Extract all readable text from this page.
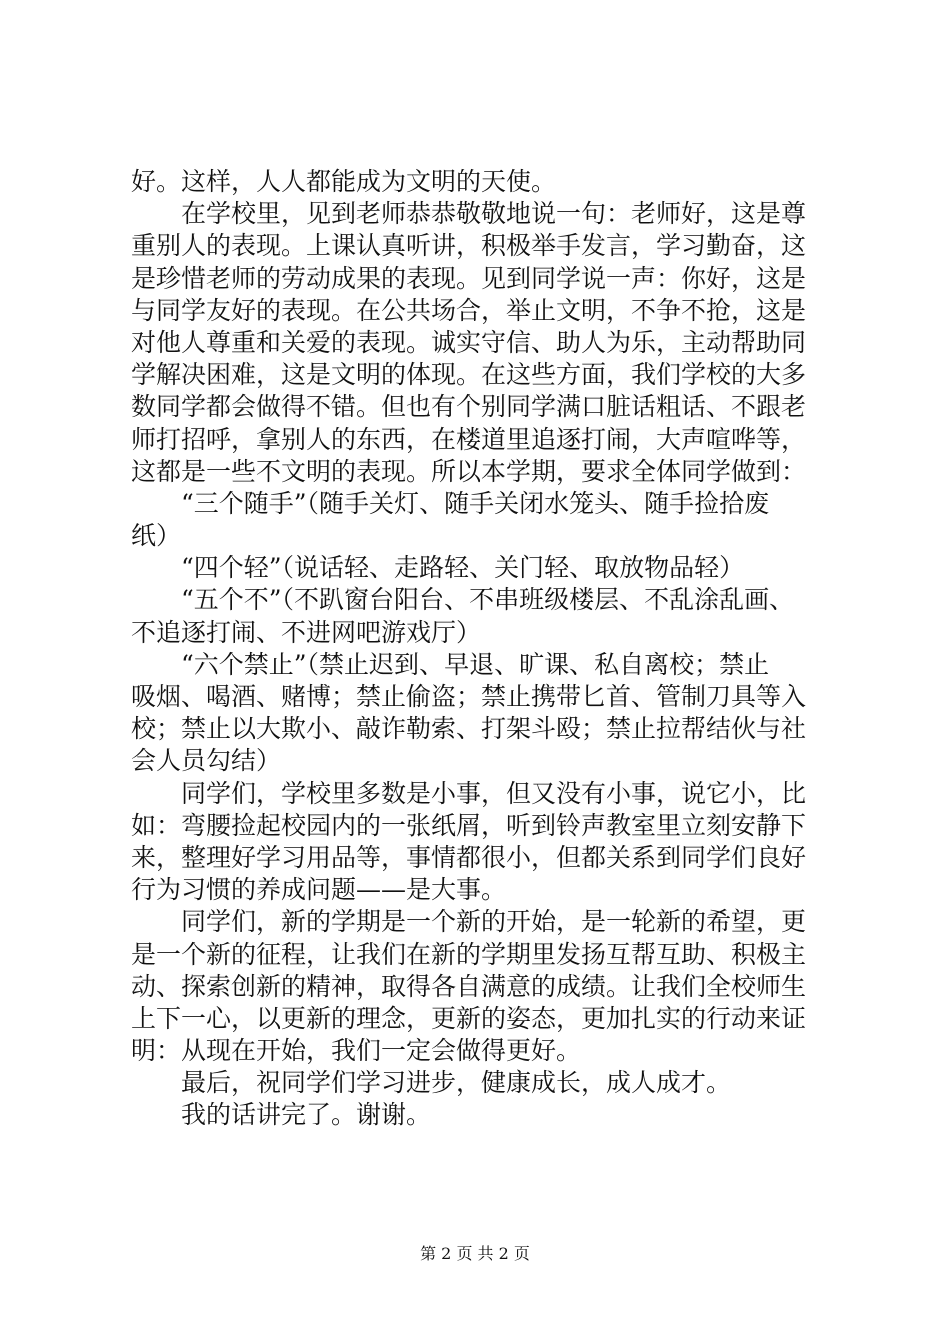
好。这样，人人都能成为文明的天使。
　　在学校里，见到老师恭恭敬敬地说一句：老师好，这是尊
重别人的表现。上课认真听讲，积极举手发言，学习勤奋，这
是珍惜老师的劳动成果的表现。见到同学说一声：你好，这是
与同学友好的表现。在公共场合，举止文明，不争不抢，这是
对他人尊重和关爱的表现。诚实守信、助人为乐，主动帮助同
学解决困难，这是文明的体现。在这些方面，我们学校的大多
数同学都会做得不错。但也有个别同学满口脏话粗话、不跟老
师打招呼，拿别人的东西，在楼道里追逐打闹，大声喧哗等，
这都是一些不文明的表现。所以本学期，要求全体同学做到：
　　“三个随手”（随手关灯、随手关闭水笼头、随手捡拾废
纸）
　　“四个轻”（说话轻、走路轻、关门轻、取放物品轻）
　　“五个不”（不趴窗台阳台、不串班级楼层、不乱涂乱画、
不追逐打闹、不进网吧游戏厅）
　　“六个禁止”（禁止迟到、早退、旷课、私自离校；禁止
吸烟、喝酒、赌博；禁止偷盗；禁止携带匕首、管制刀具等入
校；禁止以大欺小、敲诈勒索、打架斗殴；禁止拉帮结伙与社
会人员勾结）
　　同学们，学校里多数是小事，但又没有小事，说它小，比
如：弯腰捡起校园内的一张纸屑，听到铃声教室里立刻安静下
来，整理好学习用品等，事情都很小，但都关系到同学们良好
行为习惯的养成问题——是大事。
　　同学们，新的学期是一个新的开始，是一轮新的希望，更
是一个新的征程，让我们在新的学期里发扬互帮互助、积极主
动、探索创新的精神，取得各自满意的成绩。让我们全校师生
上下一心，以更新的理念，更新的姿态，更加扎实的行动来证
明：从现在开始，我们一定会做得更好。
　　最后，祝同学们学习进步，健康成长，成人成才。
　　我的话讲完了。谢谢。
第 2 页 共 2 页
